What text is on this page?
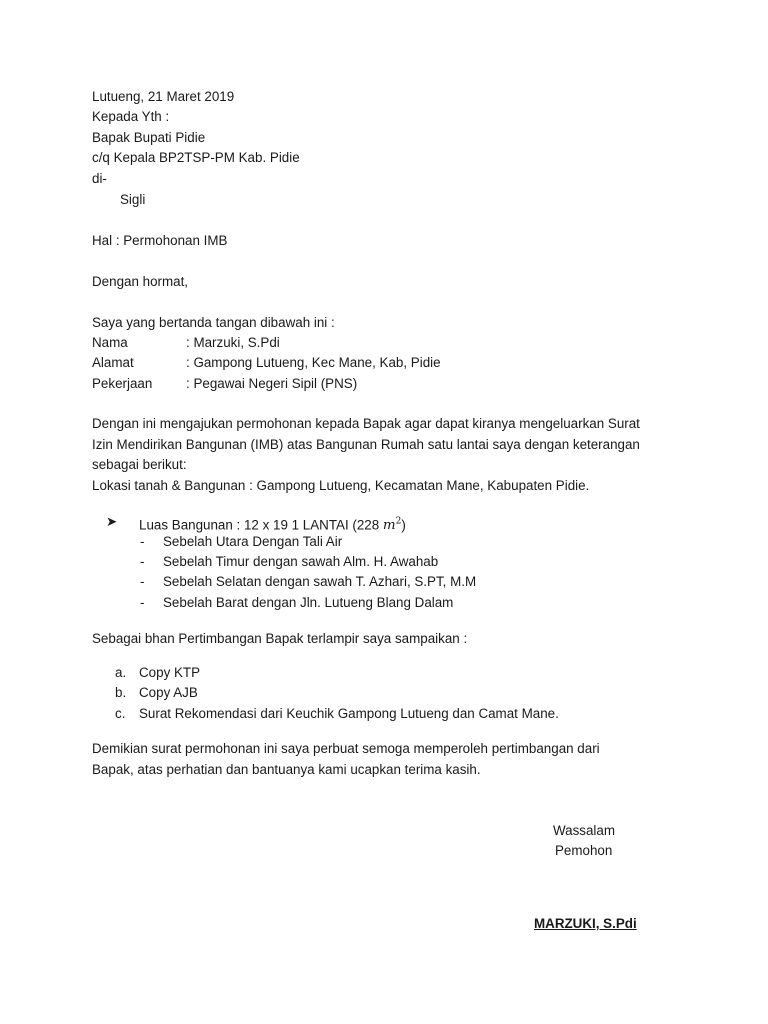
Lutueng, 21 Maret 2019
Kepada Yth :
Bapak Bupati Pidie
c/q Kepala BP2TSP-PM Kab. Pidie
di-
Sigli
Hal : Permohonan IMB
Dengan hormat,
Saya yang bertanda tangan dibawah ini :
Nama	: Marzuki, S.Pdi
Alamat	: Gampong Lutueng, Kec Mane, Kab, Pidie
Pekerjaan	: Pegawai Negeri Sipil (PNS)
Dengan ini mengajukan permohonan kepada Bapak agar dapat kiranya mengeluarkan Surat
Izin Mendirikan Bangunan (IMB) atas Bangunan Rumah satu lantai saya dengan keterangan
sebagai berikut:
Lokasi tanah & Bangunan : Gampong Lutueng, Kecamatan Mane, Kabupaten Pidie.
➤ Luas Bangunan : 12 x 19 1 LANTAI (228 $m^2$)
- Sebelah Utara Dengan Tali Air
- Sebelah Timur dengan sawah Alm. H. Awahab
- Sebelah Selatan dengan sawah T. Azhari, S.PT, M.M
- Sebelah Barat dengan Jln. Lutueng Blang Dalam
Sebagai bhan Pertimbangan Bapak terlampir saya sampaikan :
a. Copy KTP
b. Copy AJB
c. Surat Rekomendasi dari Keuchik Gampong Lutueng dan Camat Mane.
Demikian surat permohonan ini saya perbuat semoga memperoleh pertimbangan dari
Bapak, atas perhatian dan bantuanya kami ucapkan terima kasih.
Wassalam
Pemohon
MARZUKI, S.Pdi
